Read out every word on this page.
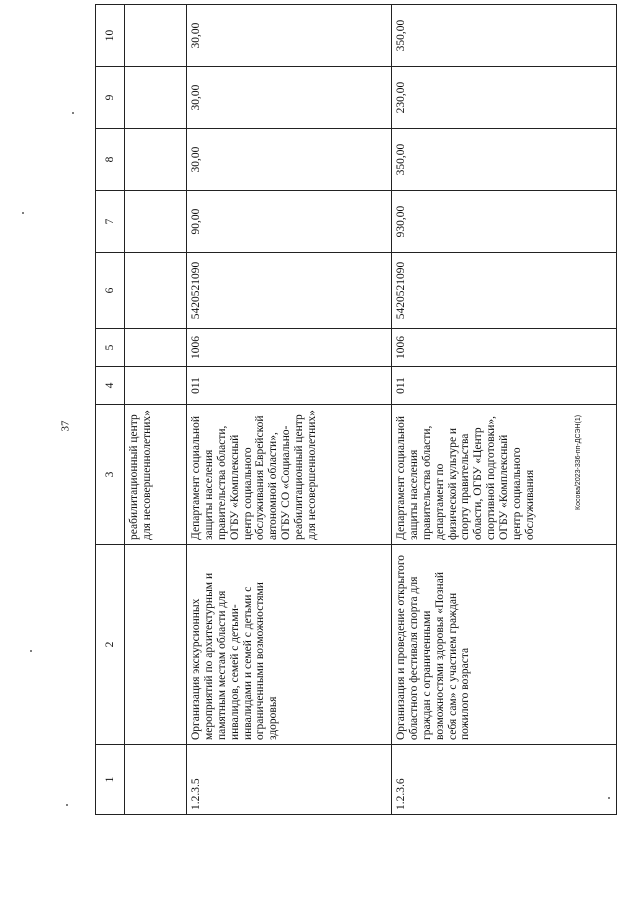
37	Косова/2023-336-пп-ДСЭН(1)
1	2	3	4	5	6	7	8	9	10
		реабилитационный центр для несовершеннолетних»							
1.2.3.5	Организация экскурсионных мероприятий по архитектурным и памятным местам области для инвалидов, семей с детьми-инвалидами и семей с детьми с ограниченными возможностями здоровья	Департамент социальной защиты населения правительства области, ОГБУ «Комплексный центр социального обслуживания Еврейской автономной области», ОГБУ СО «Социально-реабилитационный центр для несовершеннолетних»	011	1006	5420521090	90,00	30,00	30,00	30,00
1.2.3.6	Организация и проведение открытого областного фестиваля спорта для граждан с ограниченными возможностями здоровья «Познай себя сам» с участием граждан пожилого возраста	Департамент социальной защиты населения правительства области, департамент по физической культуре и спорту правительства области, ОГБУ «Центр спортивной подготовки», ОГБУ «Комплексный центр социального обслуживания	011	1006	5420521090	930,00	350,00	230,00	350,00
